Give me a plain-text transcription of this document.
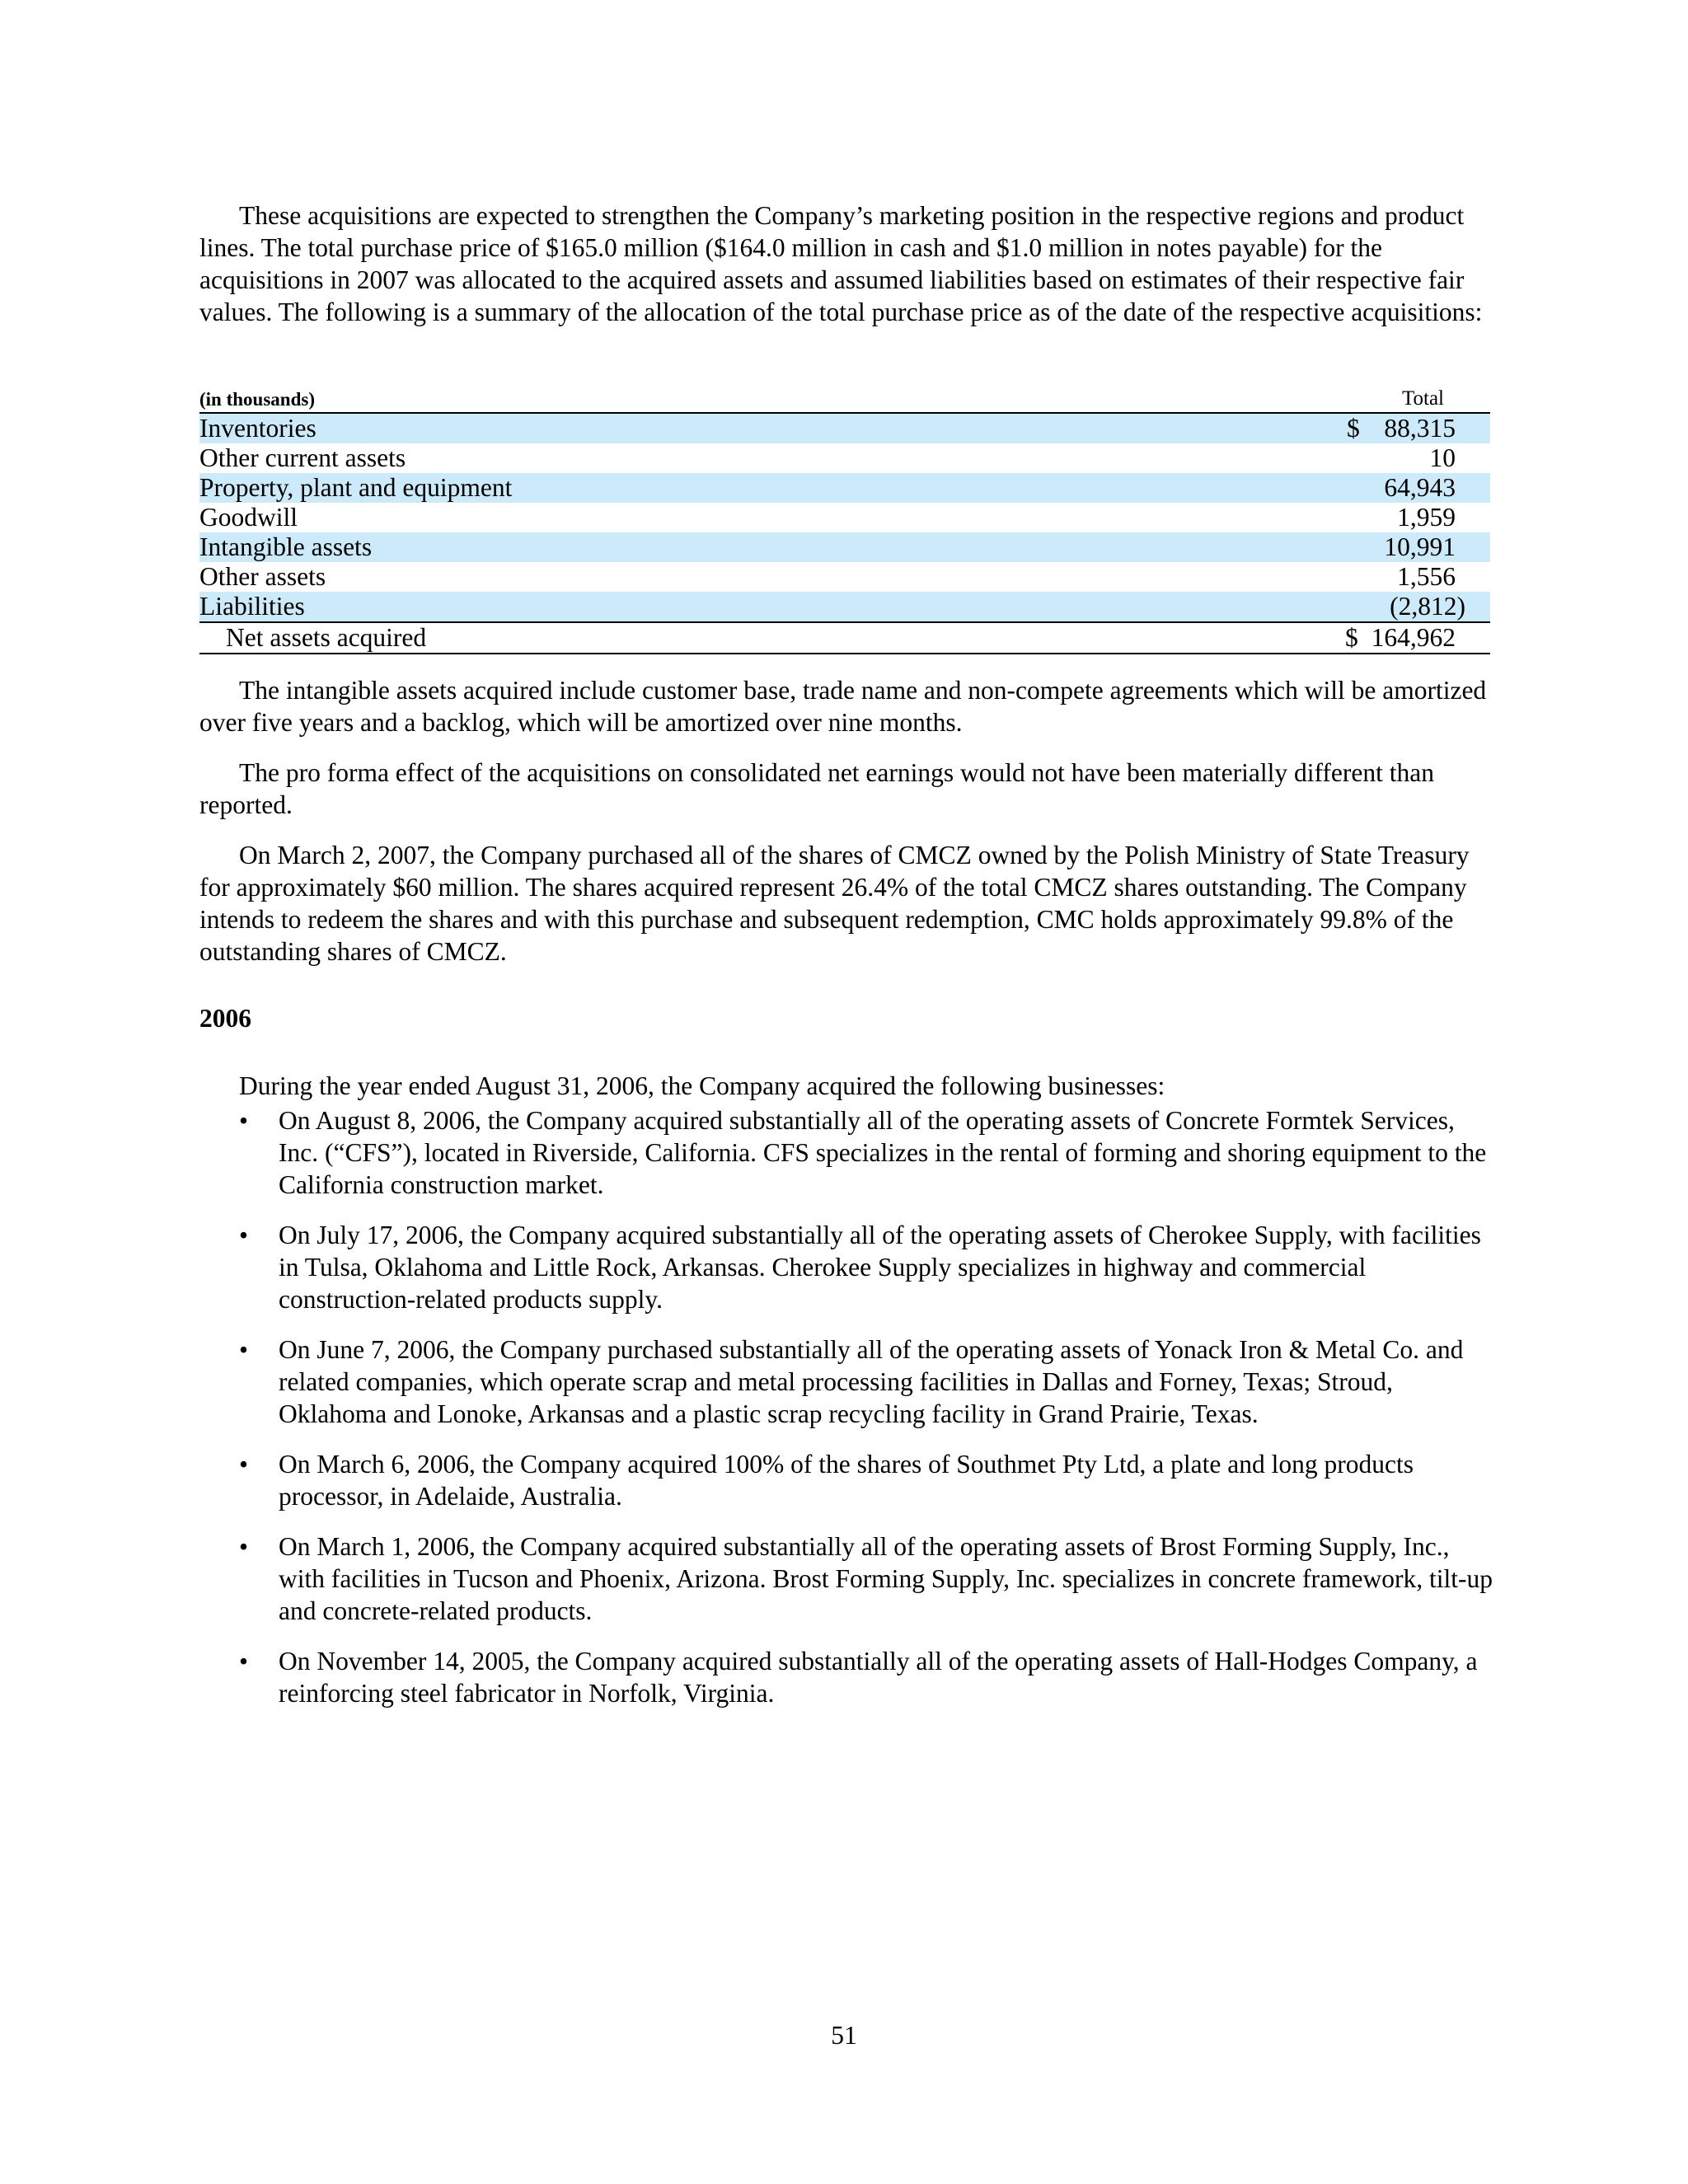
These acquisitions are expected to strengthen the Company’s marketing position in the respective regions and product lines. The total purchase price of $165.0 million ($164.0 million in cash and $1.0 million in notes payable) for the acquisitions in 2007 was allocated to the acquired assets and assumed liabilities based on estimates of their respective fair values. The following is a summary of the allocation of the total purchase price as of the date of the respective acquisitions:

(in thousands)	Total
Inventories	$ 88,315
Other current assets	10
Property, plant and equipment	64,943
Goodwill	1,959
Intangible assets	10,991
Other assets	1,556
Liabilities	(2,812)
Net assets acquired	$ 164,962

The intangible assets acquired include customer base, trade name and non-compete agreements which will be amortized over five years and a backlog, which will be amortized over nine months.

The pro forma effect of the acquisitions on consolidated net earnings would not have been materially different than reported.

On March 2, 2007, the Company purchased all of the shares of CMCZ owned by the Polish Ministry of State Treasury for approximately $60 million. The shares acquired represent 26.4% of the total CMCZ shares outstanding. The Company intends to redeem the shares and with this purchase and subsequent redemption, CMC holds approximately 99.8% of the outstanding shares of CMCZ.

2006

During the year ended August 31, 2006, the Company acquired the following businesses:

• On August 8, 2006, the Company acquired substantially all of the operating assets of Concrete Formtek Services, Inc. (“CFS”), located in Riverside, California. CFS specializes in the rental of forming and shoring equipment to the California construction market.
• On July 17, 2006, the Company acquired substantially all of the operating assets of Cherokee Supply, with facilities in Tulsa, Oklahoma and Little Rock, Arkansas. Cherokee Supply specializes in highway and commercial construction-related products supply.
• On June 7, 2006, the Company purchased substantially all of the operating assets of Yonack Iron & Metal Co. and related companies, which operate scrap and metal processing facilities in Dallas and Forney, Texas; Stroud, Oklahoma and Lonoke, Arkansas and a plastic scrap recycling facility in Grand Prairie, Texas.
• On March 6, 2006, the Company acquired 100% of the shares of Southmet Pty Ltd, a plate and long products processor, in Adelaide, Australia.
• On March 1, 2006, the Company acquired substantially all of the operating assets of Brost Forming Supply, Inc., with facilities in Tucson and Phoenix, Arizona. Brost Forming Supply, Inc. specializes in concrete framework, tilt-up and concrete-related products.
• On November 14, 2005, the Company acquired substantially all of the operating assets of Hall-Hodges Company, a reinforcing steel fabricator in Norfolk, Virginia.
51
